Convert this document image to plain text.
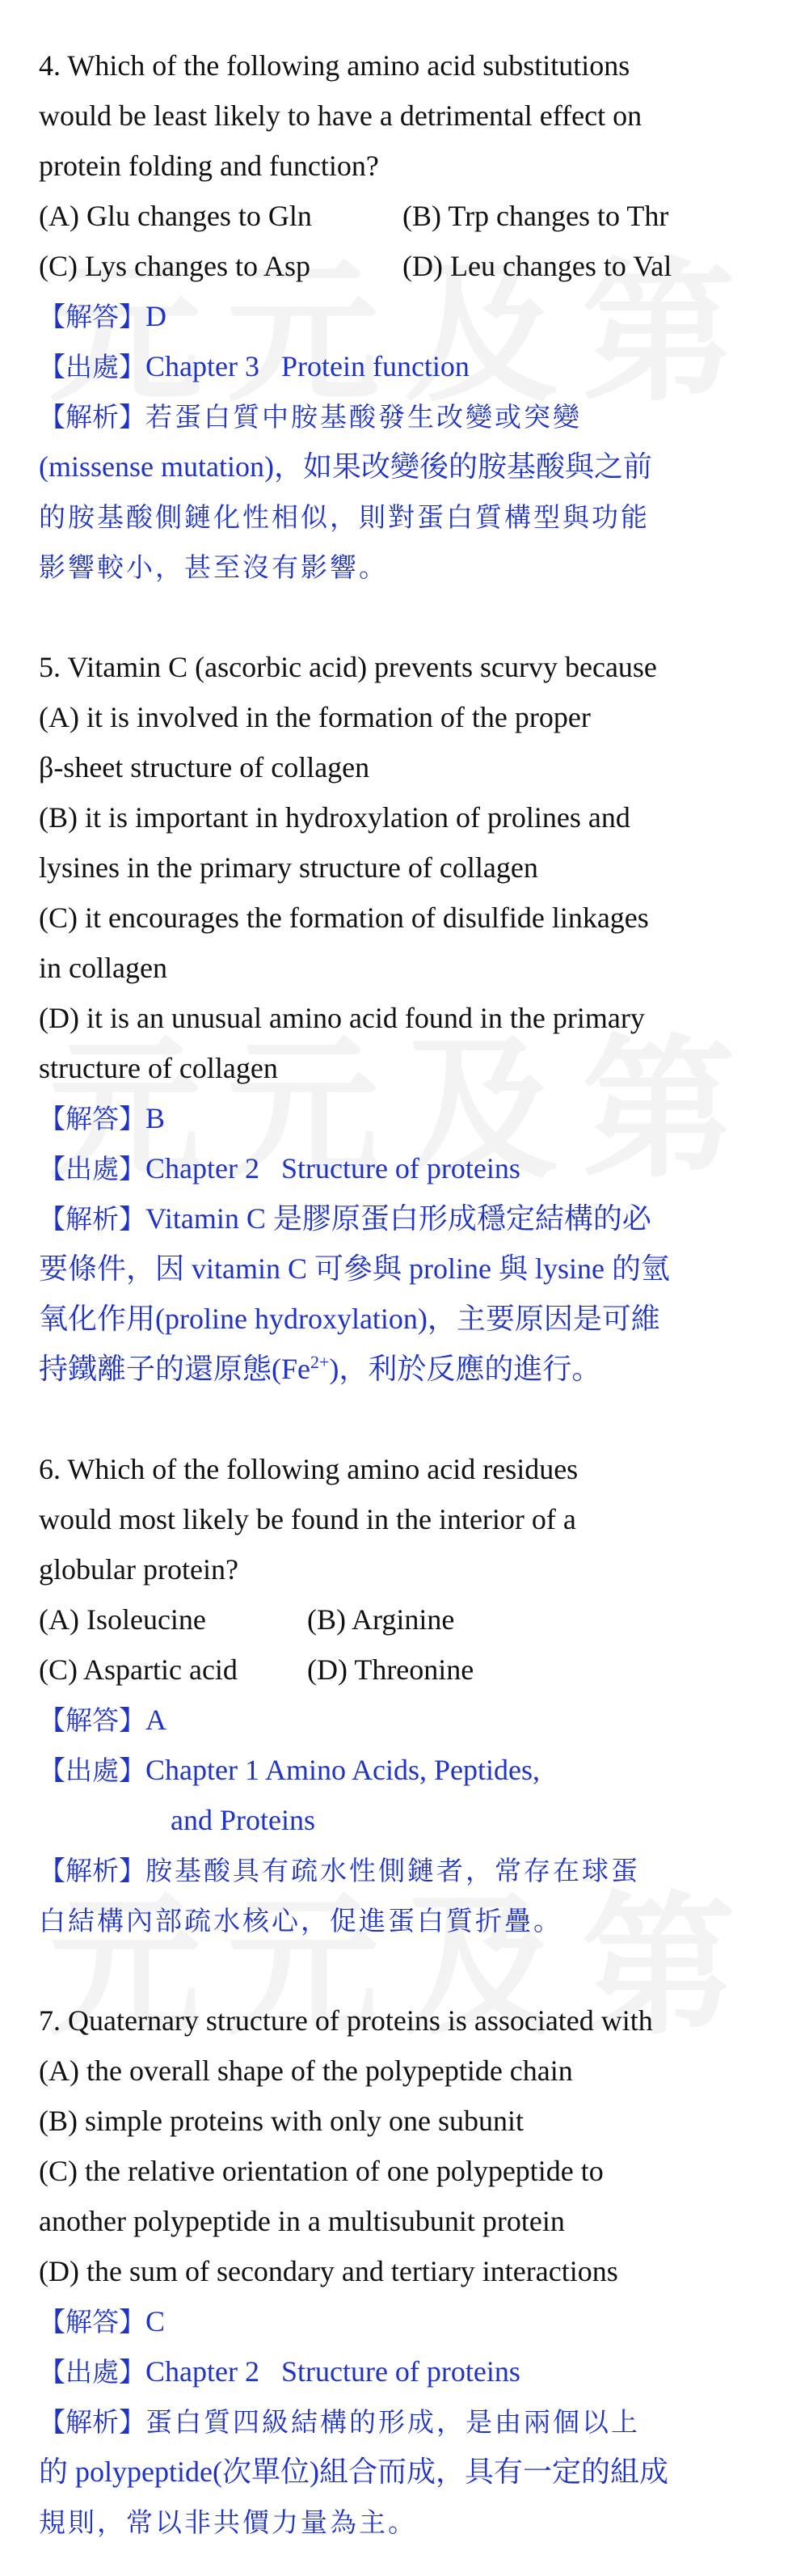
4. Which of the following amino acid substitutions
would be least likely to have a detrimental effect on
protein folding and function?
(A) Glu changes to Gln	(B) Trp changes to Thr
(C) Lys changes to Asp	(D) Leu changes to Val
【解答】D
【出處】Chapter 3   Protein function
【解析】若蛋白質中胺基酸發生改變或突變
(missense mutation)，如果改變後的胺基酸與之前
的胺基酸側鏈化性相似，則對蛋白質構型與功能
影響較小，甚至沒有影響。
5. Vitamin C (ascorbic acid) prevents scurvy because
(A) it is involved in the formation of the proper
β-sheet structure of collagen
(B) it is important in hydroxylation of prolines and
lysines in the primary structure of collagen
(C) it encourages the formation of disulfide linkages
in collagen
(D) it is an unusual amino acid found in the primary
structure of collagen
【解答】B
【出處】Chapter 2   Structure of proteins
【解析】Vitamin C 是膠原蛋白形成穩定結構的必
要條件，因 vitamin C 可參與 proline 與 lysine 的氫
氧化作用(proline hydroxylation)，主要原因是可維
持鐵離子的還原態$(Fe^{2+})$，利於反應的進行。
6. Which of the following amino acid residues
would most likely be found in the interior of a
globular protein?
(A) Isoleucine	(B) Arginine
(C) Aspartic acid	(D) Threonine
【解答】A
【出處】Chapter 1 Amino Acids, Peptides,
and Proteins
【解析】胺基酸具有疏水性側鏈者，常存在球蛋
白結構內部疏水核心，促進蛋白質折疊。
7. Quaternary structure of proteins is associated with
(A) the overall shape of the polypeptide chain
(B) simple proteins with only one subunit
(C) the relative orientation of one polypeptide to
another polypeptide in a multisubunit protein
(D) the sum of secondary and tertiary interactions
【解答】C
【出處】Chapter 2   Structure of proteins
【解析】蛋白質四級結構的形成，是由兩個以上
的 polypeptide(次單位)組合而成，具有一定的組成
規則，常以非共價力量為主。
